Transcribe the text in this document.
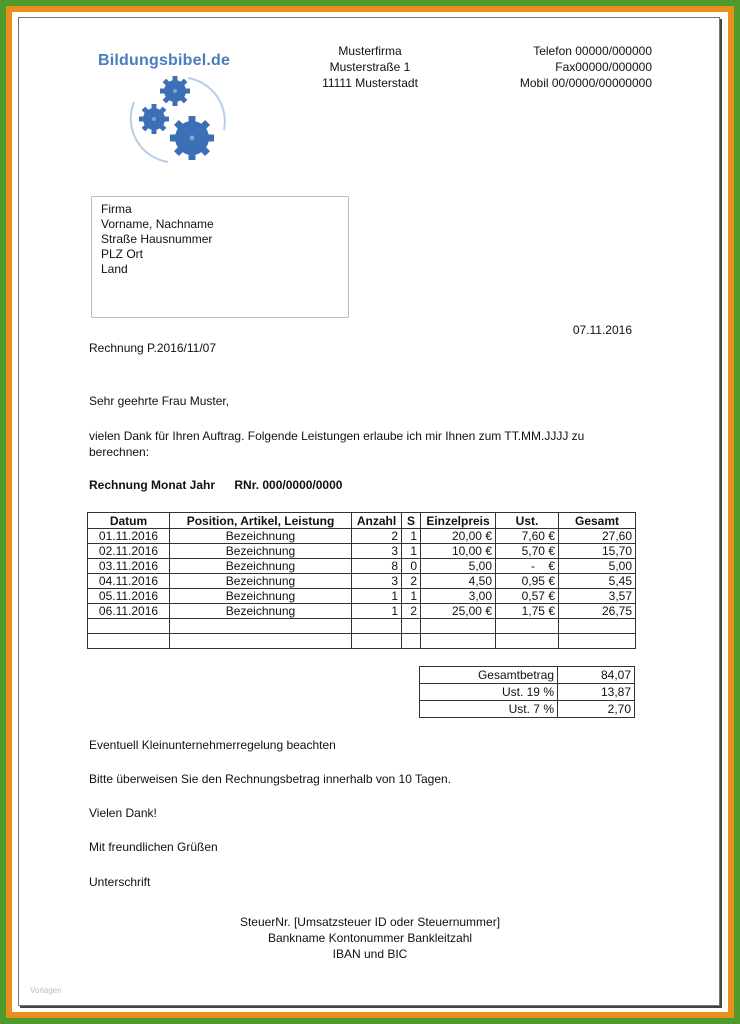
Bildungsbibel.de
Musterfirma
Musterstraße 1
11111 Musterstadt
Telefon 00000/000000
Fax00000/000000
Mobil 00/0000/00000000
Firma
Vorname, Nachname
Straße Hausnummer
PLZ Ort
Land
07.11.2016
Rechnung P.2016/11/07
Sehr geehrte Frau Muster,
vielen Dank für Ihren Auftrag. Folgende Leistungen erlaube ich mir Ihnen zum TT.MM.JJJJ zu
berechnen:
Rechnung Monat Jahr RNr. 000/0000/0000
Datum	Position, Artikel, Leistung	Anzahl	S	Einzelpreis	Ust.	Gesamt
01.11.2016	Bezeichnung	2	1	20,00 €	7,60 €	27,60
02.11.2016	Bezeichnung	3	1	10,00 €	5,70 €	15,70
03.11.2016	Bezeichnung	8	0	5,00	-    €	5,00
04.11.2016	Bezeichnung	3	2	4,50	0,95 €	5,45
05.11.2016	Bezeichnung	1	1	3,00	0,57 €	3,57
06.11.2016	Bezeichnung	1	2	25,00 €	1,75 €	26,75

Gesamtbetrag	84,07
Ust. 19 %	13,87
Ust. 7 %	2,70
Eventuell Kleinunternehmerregelung beachten
Bitte überweisen Sie den Rechnungsbetrag innerhalb von 10 Tagen.
Vielen Dank!
Mit freundlichen Grüßen
Unterschrift
SteuerNr. [Umsatzsteuer ID oder Steuernummer]
Bankname Kontonummer Bankleitzahl
IBAN und BIC
Vorlagen
